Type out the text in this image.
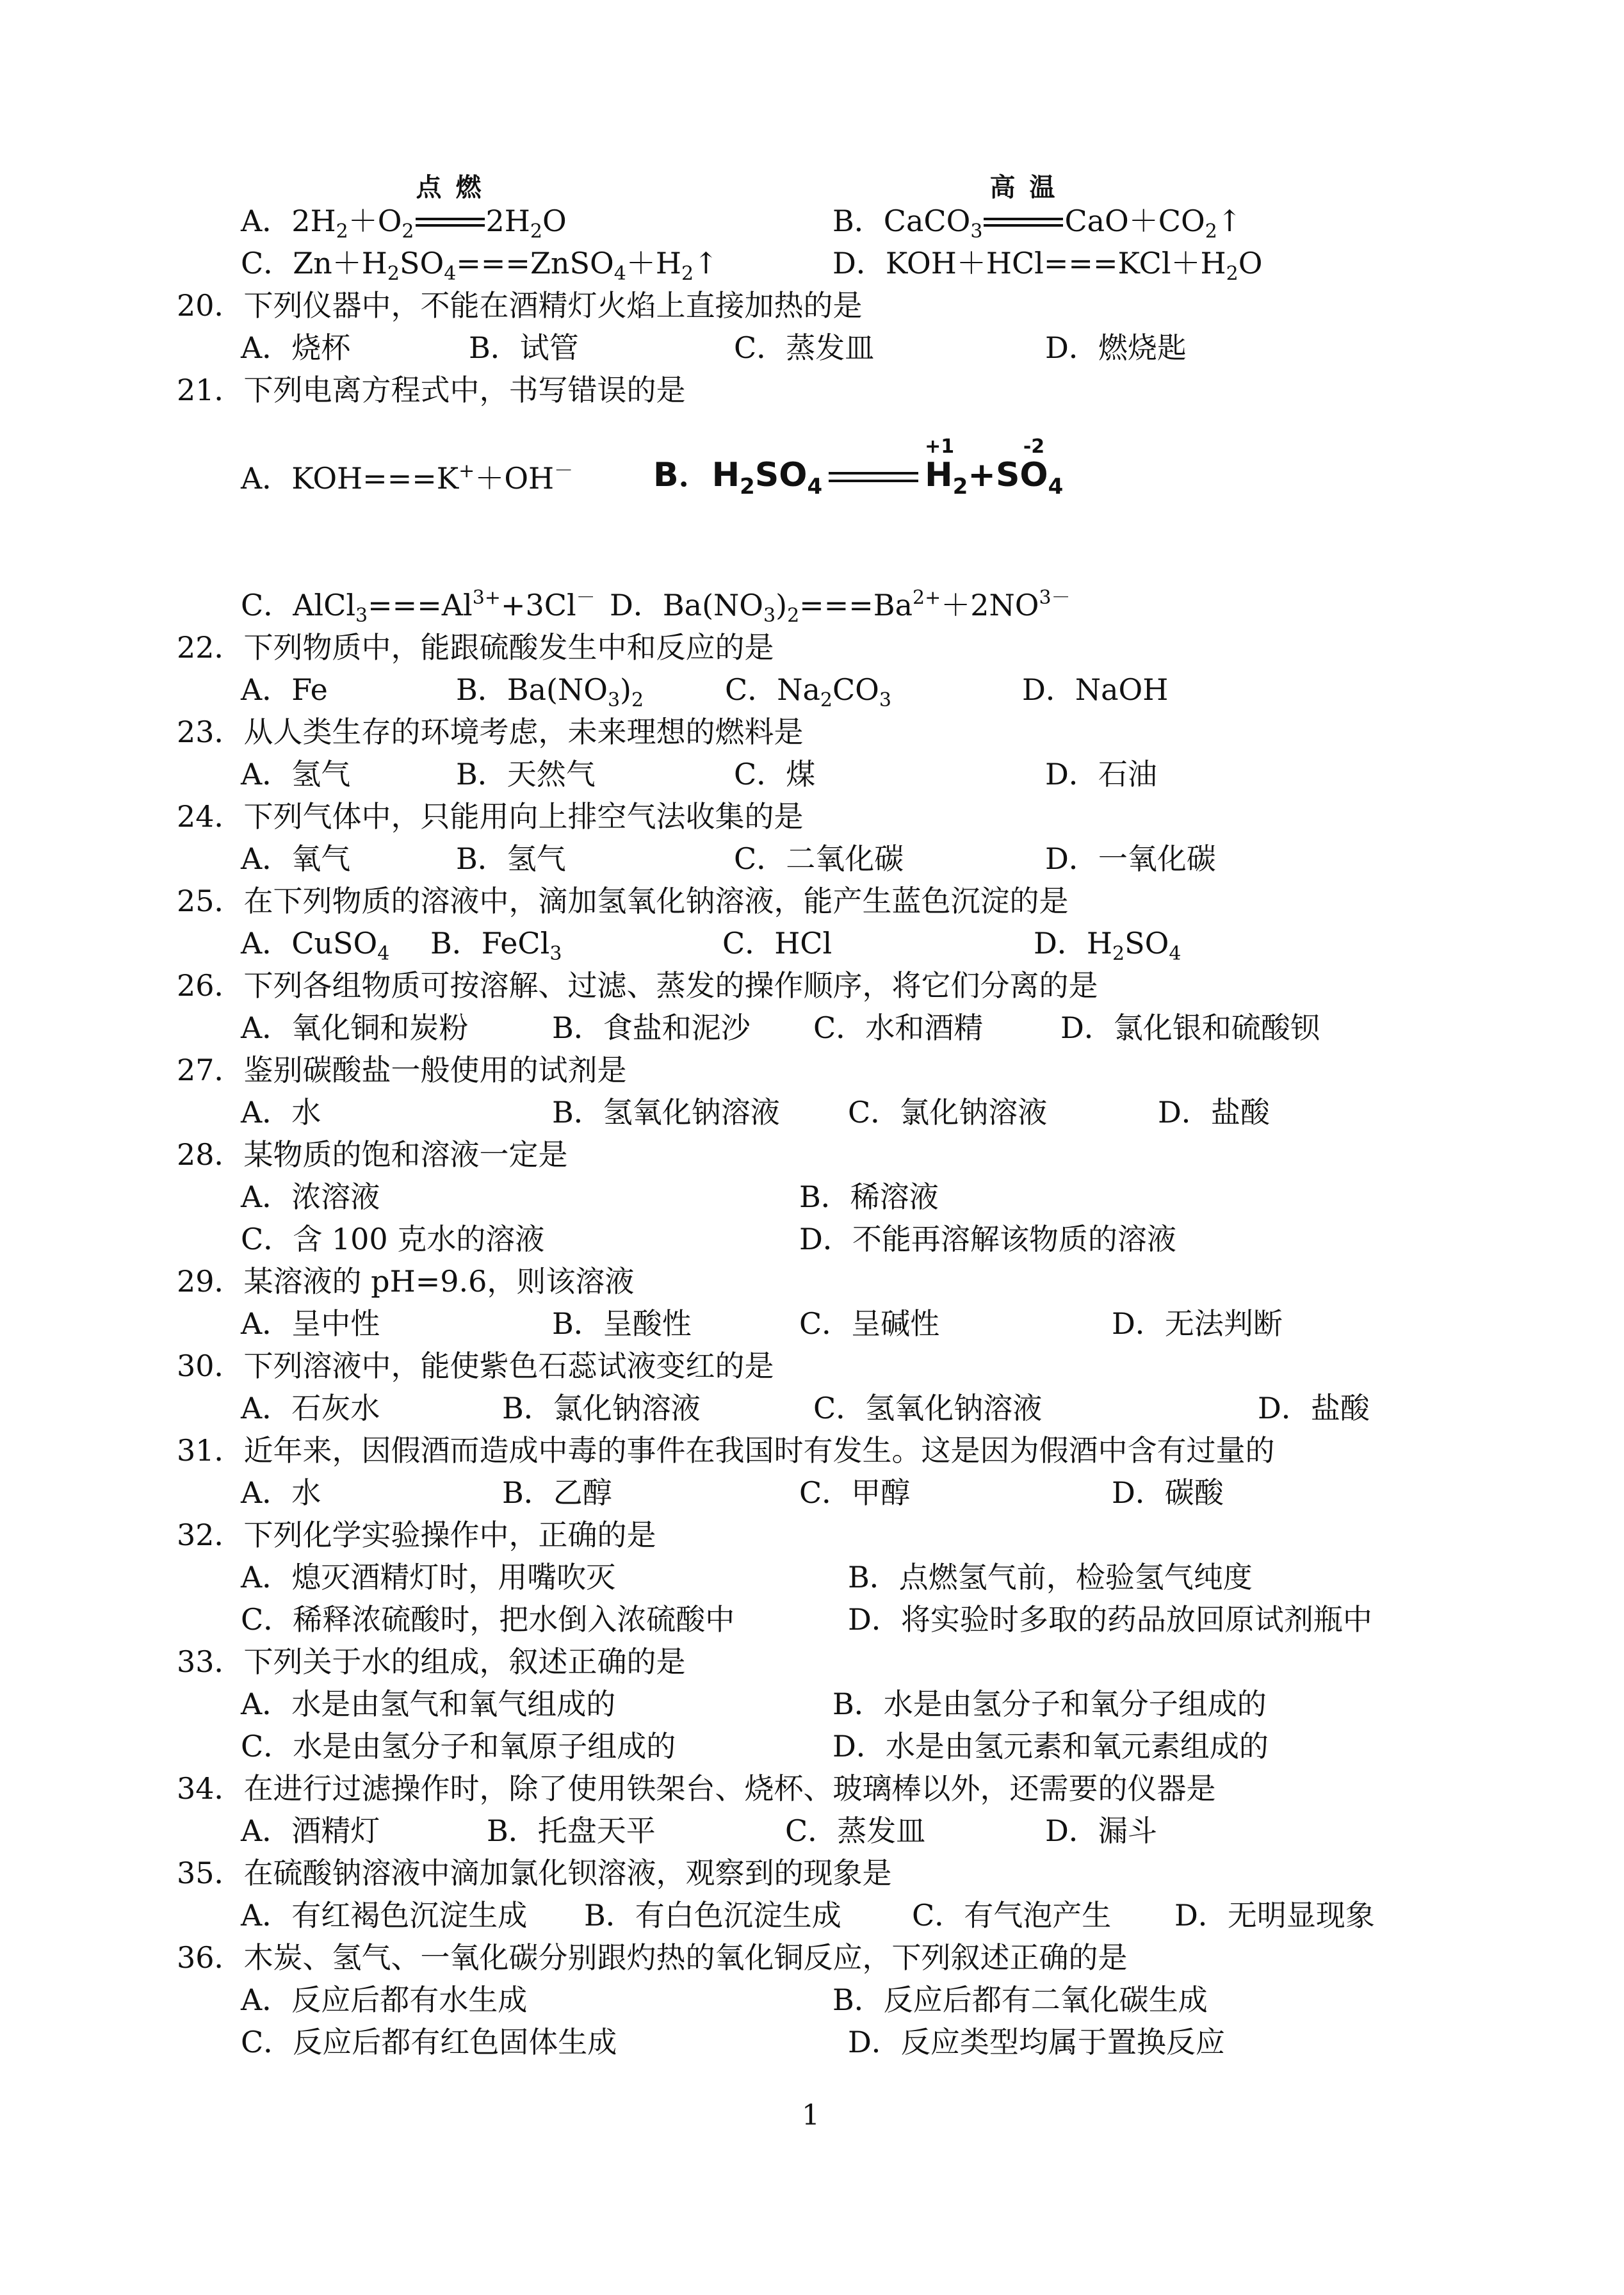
A．$2H_2+O_2$
点 燃
$2H_2O$	B．CaCO$_3$
高 温
$CaO+CO_2↑$
C．$Zn+H_2SO_4===ZnSO_4+H_2↑$	D．$KOH+HCl===KCl+H_2O$
20．下列仪器中，不能在酒精灯火焰上直接加热的是
A．烧杯	B．试管	C．蒸发皿	D．燃烧匙
21．下列电离方程式中，书写错误的是
A．KOH===K+＋OH－ B．$H_2SO_4$
+1
$H_2+S$
-2
$O_4$
C．$AlCl_3===Al^{3+}+3Cl^-$ D．$Ba(NO_3)_2===Ba^{2+}+2NO^{3-}$
22．下列物质中，能跟硫酸发生中和反应的是
A．Fe	B．$Ba(NO_3)_2$	C．$Na_2CO_3$	D．NaOH
23．从人类生存的环境考虑，未来理想的燃料是
A．氢气	B．天然气	C．煤	D．石油
24．下列气体中，只能用向上排空气法收集的是
A．氧气	B．氢气	C．二氧化碳	D．一氧化碳
25．在下列物质的溶液中，滴加氢氧化钠溶液，能产生蓝色沉淀的是
A．CuSO$_4$ B．FeCl$_3$	C．HCl	D．$H_2SO_4$
26．下列各组物质可按溶解、过滤、蒸发的操作顺序，将它们分离的是
A．氧化铜和炭粉	B．食盐和泥沙 C．水和酒精	D．氯化银和硫酸钡
27．鉴别碳酸盐一般使用的试剂是
A．水	B．氢氧化钠溶液 C．氯化钠溶液	D．盐酸
28．某物质的饱和溶液一定是
A．浓溶液	B．稀溶液
C．含 100 克水的溶液	D．不能再溶解该物质的溶液
29．某溶液的 pH=9.6，则该溶液
A．呈中性	B．呈酸性	C．呈碱性	D．无法判断
30．下列溶液中，能使紫色石蕊试液变红的是
A．石灰水	B．氯化钠溶液	C．氢氧化钠溶液	D．盐酸
31．近年来，因假酒而造成中毒的事件在我国时有发生。这是因为假酒中含有过量的
A．水	B．乙醇	C．甲醇	D．碳酸
32．下列化学实验操作中，正确的是
A．熄灭酒精灯时，用嘴吹灭	B．点燃氢气前，检验氢气纯度
C．稀释浓硫酸时，把水倒入浓硫酸中	D．将实验时多取的药品放回原试剂瓶中
33．下列关于水的组成，叙述正确的是
A．水是由氢气和氧气组成的	B．水是由氢分子和氧分子组成的
C．水是由氢分子和氧原子组成的	D．水是由氢元素和氧元素组成的
34．在进行过滤操作时，除了使用铁架台、烧杯、玻璃棒以外，还需要的仪器是
A．酒精灯	B．托盘天平	C．蒸发皿	D．漏斗
35．在硫酸钠溶液中滴加氯化钡溶液，观察到的现象是
A．有红褐色沉淀生成 B．有白色沉淀生成 C．有气泡产生 D．无明显现象
36．木炭、氢气、一氧化碳分别跟灼热的氧化铜反应，下列叙述正确的是
A．反应后都有水生成	B．反应后都有二氧化碳生成
C．反应后都有红色固体生成	D．反应类型均属于置换反应
1
